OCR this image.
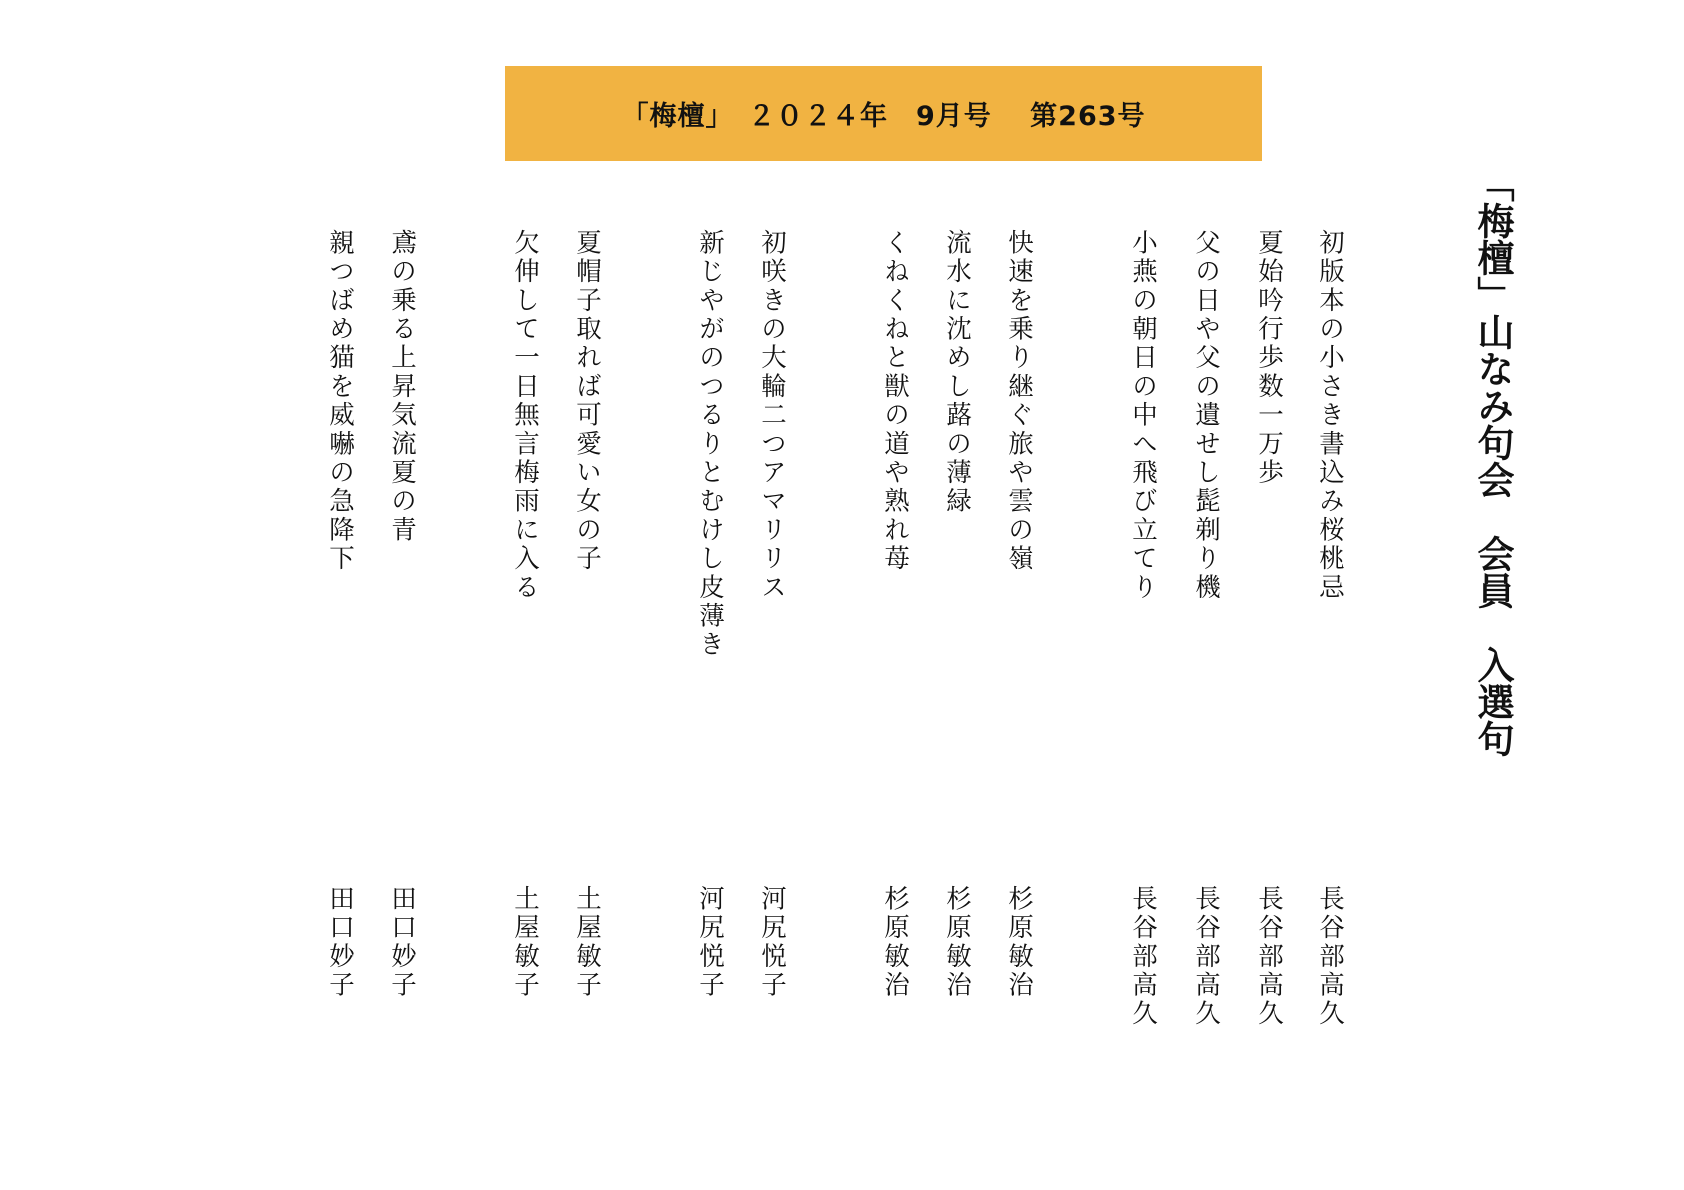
「梅檀」　２０２４年　9月号　 第263号
「梅檀」山なみ句会　会員　入選句
初版本の小さき書込み桜桃忌
夏始吟行歩数一万歩
父の日や父の遺せし髭剃り機
小燕の朝日の中へ飛び立てり
快速を乗り継ぐ旅や雲の嶺
流水に沈めし蕗の薄緑
くねくねと獣の道や熟れ苺
初咲きの大輪二つアマリリス
新じやがのつるりとむけし皮薄き
夏帽子取れば可愛い女の子
欠伸して一日無言梅雨に入る
鳶の乗る上昇気流夏の青
親つばめ猫を威嚇の急降下
長谷部高久
長谷部高久
長谷部高久
長谷部高久
杉原敏治
杉原敏治
杉原敏治
河尻悦子
河尻悦子
土屋敏子
土屋敏子
田口妙子
田口妙子
